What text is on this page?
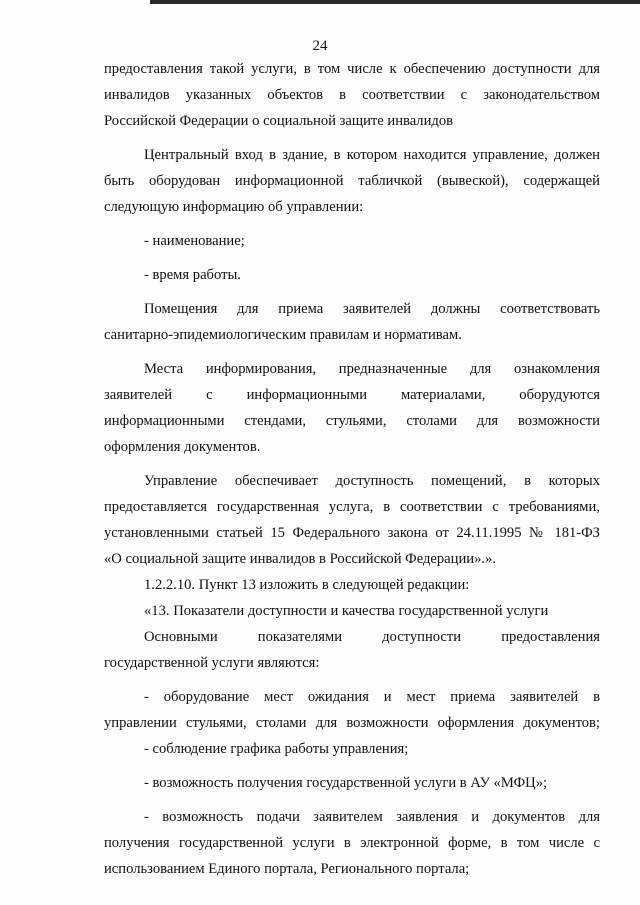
24
предоставления такой услуги, в том числе к обеспечению доступности для
инвалидов указанных объектов в соответствии с законодательством
Российской Федерации о социальной защите инвалидов
Центральный вход в здание, в котором находится управление, должен
быть оборудован информационной табличкой (вывеской), содержащей
следующую информацию об управлении:
- наименование;
- время работы.
Помещения для приема заявителей должны соответствовать
санитарно-эпидемиологическим правилам и нормативам.
Места информирования, предназначенные для ознакомления
заявителей с информационными материалами, оборудуются
информационными стендами, стульями, столами для возможности
оформления документов.
Управление обеспечивает доступность помещений, в которых
предоставляется государственная услуга, в соответствии с требованиями,
установленными статьей 15 Федерального закона от 24.11.1995 № 181-ФЗ
«О социальной защите инвалидов в Российской Федерации».».
1.2.2.10. Пункт 13 изложить в следующей редакции:
«13. Показатели доступности и качества государственной услуги
Основными показателями доступности предоставления
государственной услуги являются:
- оборудование мест ожидания и мест приема заявителей в
управлении стульями, столами для возможности оформления документов;
- соблюдение графика работы управления;
- возможность получения государственной услуги в АУ «МФЦ»;
- возможность подачи заявителем заявления и документов для
получения государственной услуги в электронной форме, в том числе с
использованием Единого портала, Регионального портала;
